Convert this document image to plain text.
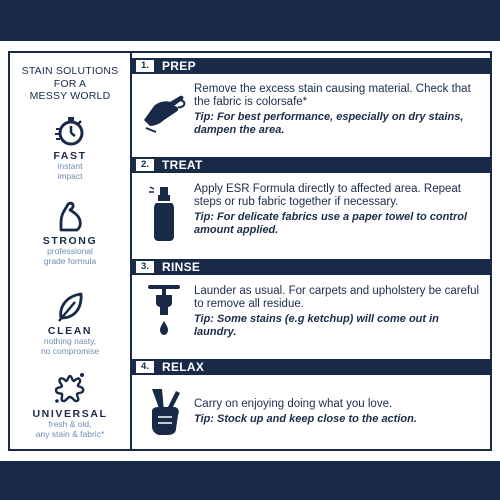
STAIN SOLUTIONS
FOR A
MESSY WORLD
FAST
instant
impact
STRONG
professional
grade formula
CLEAN
nothing nasty,
no compromise
UNIVERSAL
fresh & old,
any stain & fabric*
1.	PREP
Remove the excess stain causing material. Check that the fabric is colorsafe*
Tip: For best performance, especially on dry stains, dampen the area.
2.	TREAT
Apply ESR Formula directly to affected area. Repeat steps or rub fabric together if necessary.
Tip: For delicate fabrics use a paper towel to control amount applied.
3.	RINSE
Launder as usual. For carpets and upholstery be careful to remove all residue.
Tip: Some stains (e.g ketchup) will come out in laundry.
4.	RELAX
Carry on enjoying doing what you love.
Tip: Stock up and keep close to the action.
